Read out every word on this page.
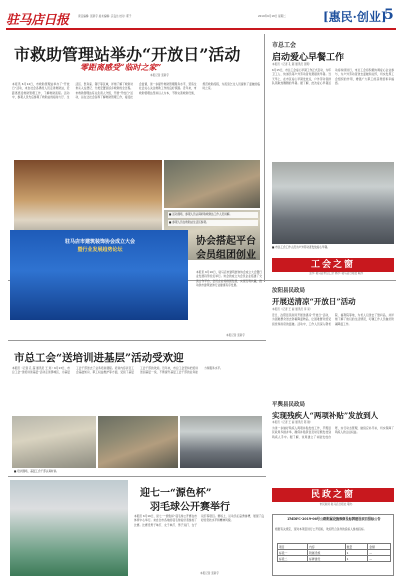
驻马店日报	责任编辑: 张新宇 美术编辑: 宗良达 校对: 郭子	2019年6月18日 星期二	[惠民·创业]
5
市救助管理站举办“开放日”活动
零距离感受“临时之家”
本报记者 张新宇
本报讯 6月14日，市救助管理站举办了“开放日”活动，来自社会各界的人员走进救助站，近距离感受救助管理工作，了解救助流程。活动中，参观人员先后参观了救助站的接待大厅、生活区、医务室、餐厅等区域，详细了解了救助对象从入站登记、分类安置到返乡救助的全过程。市救助管理站有关负责人介绍，开展“开放日”活动，旨在让社会各界了解救助管理工作，接受社会监督，进一步提升救助管理服务水平，营造全社会关心关注救助工作的良好氛围。近年来，市救助管理站坚持以人为本，不断完善救助设施，规范救助流程，为流浪乞讨人员提供了温暖的临时之家。
■ 活动现场，参观人员认真听取救助站工作人员讲解。
■ 参观人员在救助站生活区参观。
市总工会
启动爱心早餐工作
本报讯（记者 孔 超 通讯员 张明）
6月15日，市总工会爱心早餐工作正式启动，为环卫工人、快递员等户外劳动者免费提供早餐。当天早上，在市区爱心早餐发放点，户外劳动者排队领取热腾腾的早餐。据了解，此次爱心早餐活动将持续进行，市总工会将积极协调爱心企业参与，为户外劳动者送去温暖和关怀，切实发挥工会组织的作用，增强广大职工的获得感和幸福感。
■ 市总工会工作人员为户外劳动者发放爱心早餐。
工会之窗
主办: 驻马店市总工会 协办: 驻马店日报社 联办
驻马店市建筑装饰协会成立大会
暨行业发展趋势论坛
协会搭起平台
会员组团创业
本报讯 6月16日，驻马店市建筑装饰协会成立大会暨行业发展趋势论坛举行。协会的成立为会员企业搭建了交流合作平台，会员企业将抱团发展，实现互利共赢，推动我市建筑装饰行业健康有序发展。
本报记者 张新宇
汝阳县民政局
开展送清凉“开放日”活动
本报讯（记者 王 丽 通讯员 李 亮）
近日，汝阳县民政局开展送清凉“开放日”活动，为困难群众送去防暑降温物品，让困难群众感受到党和政府的温暖。活动中，工作人员深入敬老院、福利院等地，为老人们送去了慰问品，并详细了解了他们的生活情况，叮嘱工作人员做好防暑降温工作。
平舆县民政局
实现残疾人“两项补贴”发放到人
本报讯（记者 王 丽 通讯员 陈 刚）
为进一步做好残疾人两项补贴发放工作，平舆县民政局多措并举，确保补贴资金及时足额发放到残疾人手中。据了解，该局建立了补贴发放台账，实行动态管理，做到应补尽补，切实保障了残疾人的合法权益。
民政之窗
市民政局 驻马店日报社 联办
市总工会“送培训进基层”活动受欢迎
本报讯（记者 孔 超 通讯员 王 进）6月13日，市总工会“送培训进基层”活动走进驿城区，为基层工会干部送去了业务培训课程。培训内容涉及工会基础知识、职工权益维护等方面，受到了基层工会干部的欢迎。近年来，市总工会坚持把培训送到基层一线，不断提升基层工会干部的业务能力和服务水平。
■ 培训现场，基层工会干部认真听讲。
迎七一“源色杯”
羽毛球公开赛举行
本报讯 6月16日，迎七一“源色杯”羽毛球公开赛在市体育中心举行。来自全市各地的羽毛球爱好者参加了比赛。比赛设男子单打、女子单打、男子双打、女子双打等项目。赛场上，运动员们奋勇拼搏，展现了良好的竞技水平和精神风貌。
本报记者 张新宇
ZMDFC-2019-06号公路附属设施维修及标牌建设项目招标公告
根据有关规定，现对本项目进行公开招标，欢迎符合条件的投标人参加投标。
项目	内容	数量	金额
标段一	附属设施	1	—
标段二	标牌建设	1	—
